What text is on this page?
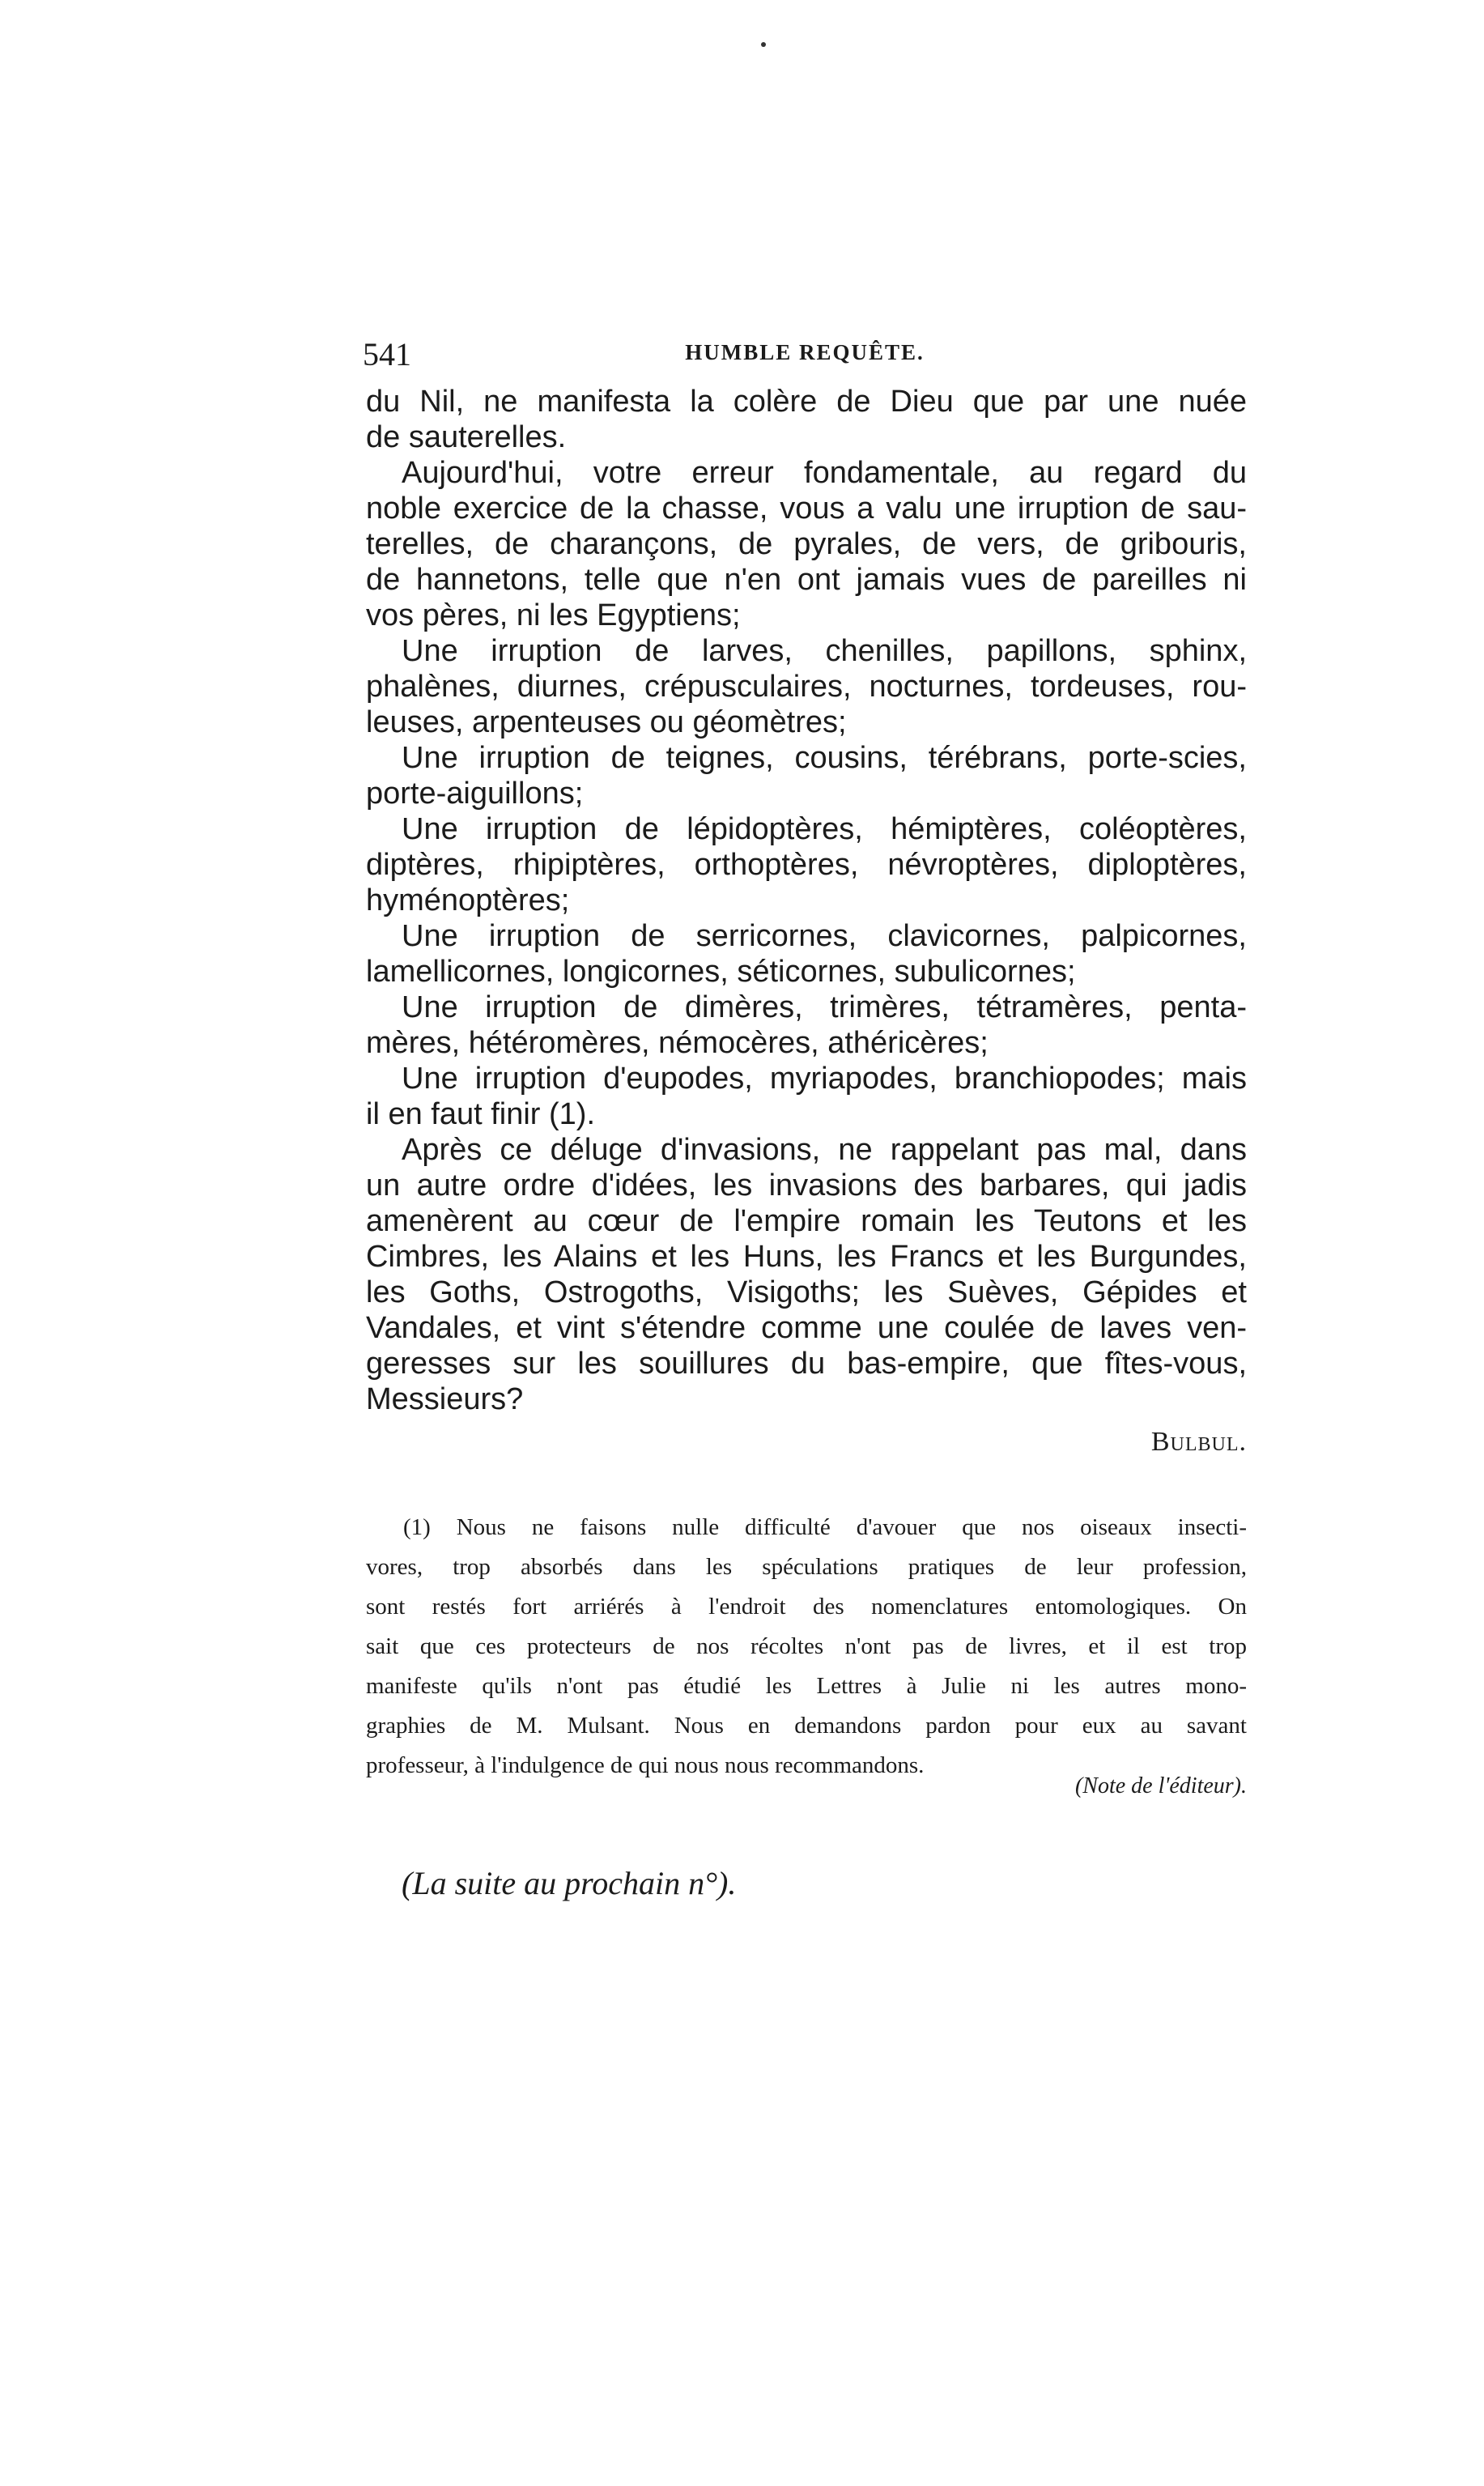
541	HUMBLE REQUÊTE.
du Nil, ne manifesta la colère de Dieu que par une nuée
de sauterelles.
Aujourd'hui, votre erreur fondamentale, au regard du
noble exercice de la chasse, vous a valu une irruption de sau-
terelles, de charançons, de pyrales, de vers, de gribouris,
de hannetons, telle que n'en ont jamais vues de pareilles ni
vos pères, ni les Egyptiens;
Une irruption de larves, chenilles, papillons, sphinx,
phalènes, diurnes, crépusculaires, nocturnes, tordeuses, rou-
leuses, arpenteuses ou géomètres;
Une irruption de teignes, cousins, térébrans, porte-scies,
porte-aiguillons;
Une irruption de lépidoptères, hémiptères, coléoptères,
diptères, rhipiptères, orthoptères, névroptères, diploptères,
hyménoptères;
Une irruption de serricornes, clavicornes, palpicornes,
lamellicornes, longicornes, séticornes, subulicornes;
Une irruption de dimères, trimères, tétramères, penta-
mères, hétéromères, némocères, athéricères;
Une irruption d'eupodes, myriapodes, branchiopodes; mais
il en faut finir (1).
Après ce déluge d'invasions, ne rappelant pas mal, dans
un autre ordre d'idées, les invasions des barbares, qui jadis
amenèrent au cœur de l'empire romain les Teutons et les
Cimbres, les Alains et les Huns, les Francs et les Burgundes,
les Goths, Ostrogoths, Visigoths; les Suèves, Gépides et
Vandales, et vint s'étendre comme une coulée de laves ven-
geresses sur les souillures du bas-empire, que fîtes-vous,
Messieurs?
Bulbul.
(1) Nous ne faisons nulle difficulté d'avouer que nos oiseaux insecti-
vores, trop absorbés dans les spéculations pratiques de leur profession,
sont restés fort arriérés à l'endroit des nomenclatures entomologiques. On
sait que ces protecteurs de nos récoltes n'ont pas de livres, et il est trop
manifeste qu'ils n'ont pas étudié les Lettres à Julie ni les autres mono-
graphies de M. Mulsant. Nous en demandons pardon pour eux au savant
professeur, à l'indulgence de qui nous nous recommandons.
(Note de l'éditeur).
(La suite au prochain n°).
